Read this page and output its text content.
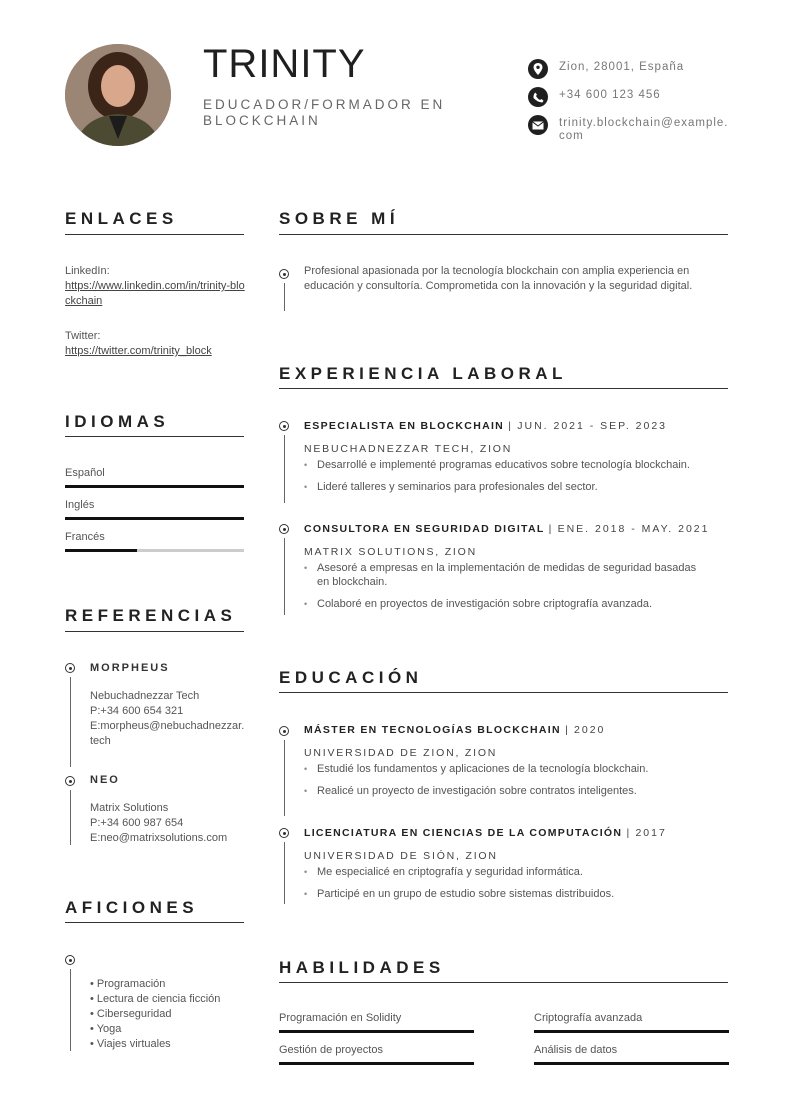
TRINITY
EDUCADOR/FORMADOR EN BLOCKCHAIN
Zion, 28001, España
+34 600 123 456
trinity.blockchain@example.com
ENLACES
LinkedIn:
https://www.linkedin.com/in/trinity-blockchain
Twitter:
https://twitter.com/trinity_block
IDIOMAS
Español
Inglés
Francés
REFERENCIAS
MORPHEUS
Nebuchadnezzar Tech
P:+34 600 654 321
E:morpheus@nebuchadnezzar.tech
NEO
Matrix Solutions
P:+34 600 987 654
E:neo@matrixsolutions.com
AFICIONES
• Programación
• Lectura de ciencia ficción
• Ciberseguridad
• Yoga
• Viajes virtuales
SOBRE MÍ
Profesional apasionada por la tecnología blockchain con amplia experiencia en educación y consultoría. Comprometida con la innovación y la seguridad digital.
EXPERIENCIA LABORAL
ESPECIALISTA EN BLOCKCHAIN | JUN. 2021 - SEP. 2023
NEBUCHADNEZZAR TECH, ZION
• Desarrollé e implementé programas educativos sobre tecnología blockchain.
• Lideré talleres y seminarios para profesionales del sector.
CONSULTORA EN SEGURIDAD DIGITAL | ENE. 2018 - MAY. 2021
MATRIX SOLUTIONS, ZION
• Asesoré a empresas en la implementación de medidas de seguridad basadas en blockchain.
• Colaboré en proyectos de investigación sobre criptografía avanzada.
EDUCACIÓN
MÁSTER EN TECNOLOGÍAS BLOCKCHAIN | 2020
UNIVERSIDAD DE ZION, ZION
• Estudié los fundamentos y aplicaciones de la tecnología blockchain.
• Realicé un proyecto de investigación sobre contratos inteligentes.
LICENCIATURA EN CIENCIAS DE LA COMPUTACIÓN | 2017
UNIVERSIDAD DE SIÓN, ZION
• Me especialicé en criptografía y seguridad informática.
• Participé en un grupo de estudio sobre sistemas distribuidos.
HABILIDADES
Programación en Solidity	Criptografía avanzada
Gestión de proyectos	Análisis de datos
